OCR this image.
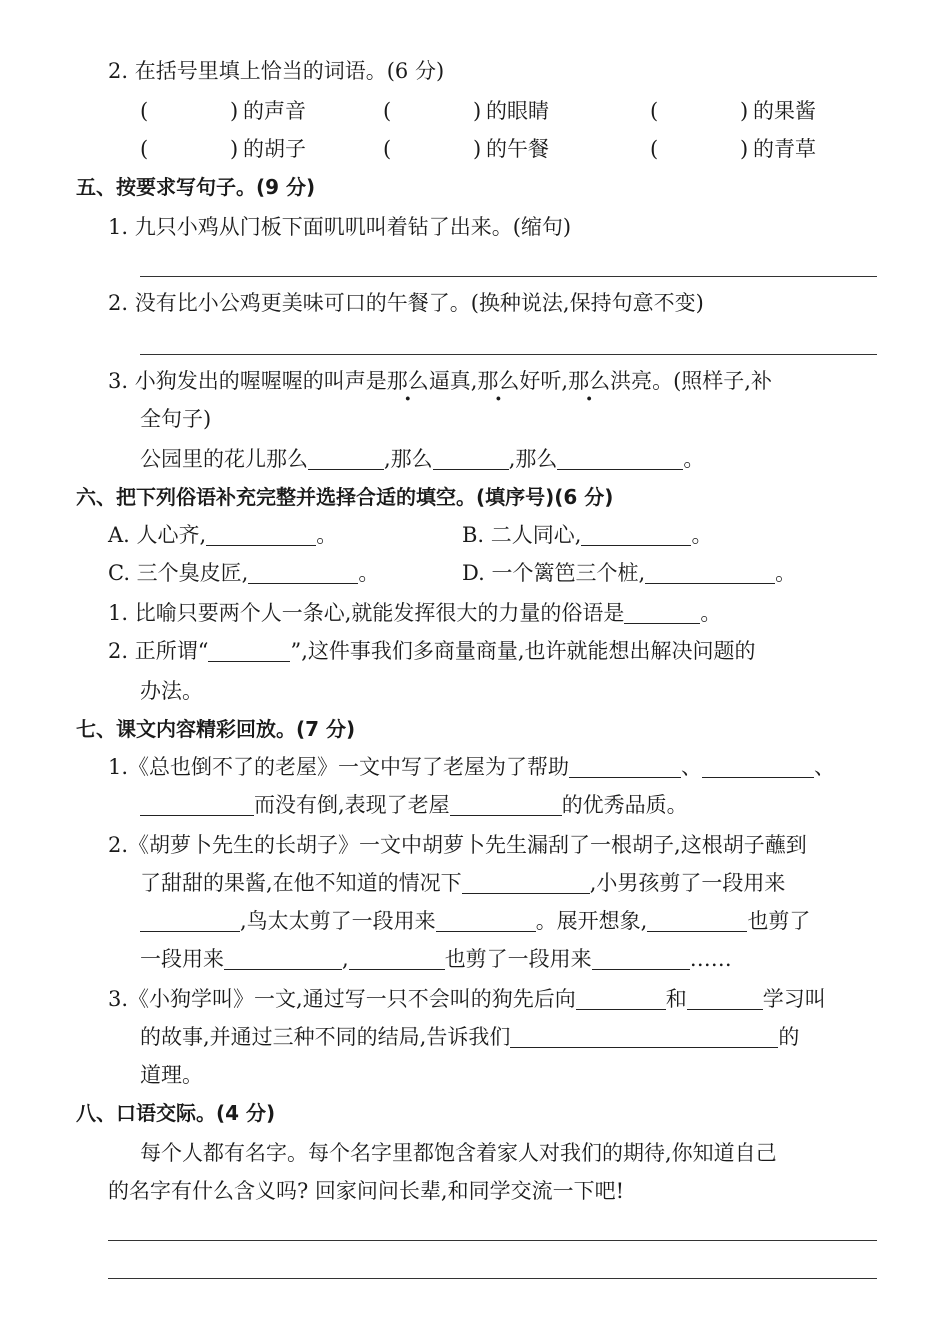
2. 在括号里填上恰当的词语。(6 分)
(	) 的声音	(	) 的眼睛	(	) 的果酱
(	) 的胡子	(	) 的午餐	(	) 的青草
五、按要求写句子。(9 分)
1. 九只小鸡从门板下面叽叽叫着钻了出来。(缩句)
2. 没有比小公鸡更美味可口的午餐了。(换种说法,保持句意不变)
3. 小狗发出的喔喔喔的叫声是那么逼真,那么好听,那么洪亮。(照样子,补
全句子)
公园里的花儿那么	,那么	,那么	。
六、把下列俗语补充完整并选择合适的填空。(填序号)(6 分)
A. 人心齐,	。	B. 二人同心,	。
C. 三个臭皮匠,	。	D. 一个篱笆三个桩,	。
1. 比喻只要两个人一条心,就能发挥很大的力量的俗语是	。
2. 正所谓“	”,这件事我们多商量商量,也许就能想出解决问题的
办法。
七、课文内容精彩回放。(7 分)
1.《总也倒不了的老屋》一文中写了老屋为了帮助	、	、
而没有倒,表现了老屋	的优秀品质。
2.《胡萝卜先生的长胡子》一文中胡萝卜先生漏刮了一根胡子,这根胡子蘸到
了甜甜的果酱,在他不知道的情况下	,小男孩剪了一段用来
,鸟太太剪了一段用来	。展开想象,	也剪了
一段用来	,	也剪了一段用来	……
3.《小狗学叫》一文,通过写一只不会叫的狗先后向	和	学习叫
的故事,并通过三种不同的结局,告诉我们	的
道理。
八、口语交际。(4 分)
每个人都有名字。每个名字里都饱含着家人对我们的期待,你知道自己
的名字有什么含义吗? 回家问问长辈,和同学交流一下吧!
